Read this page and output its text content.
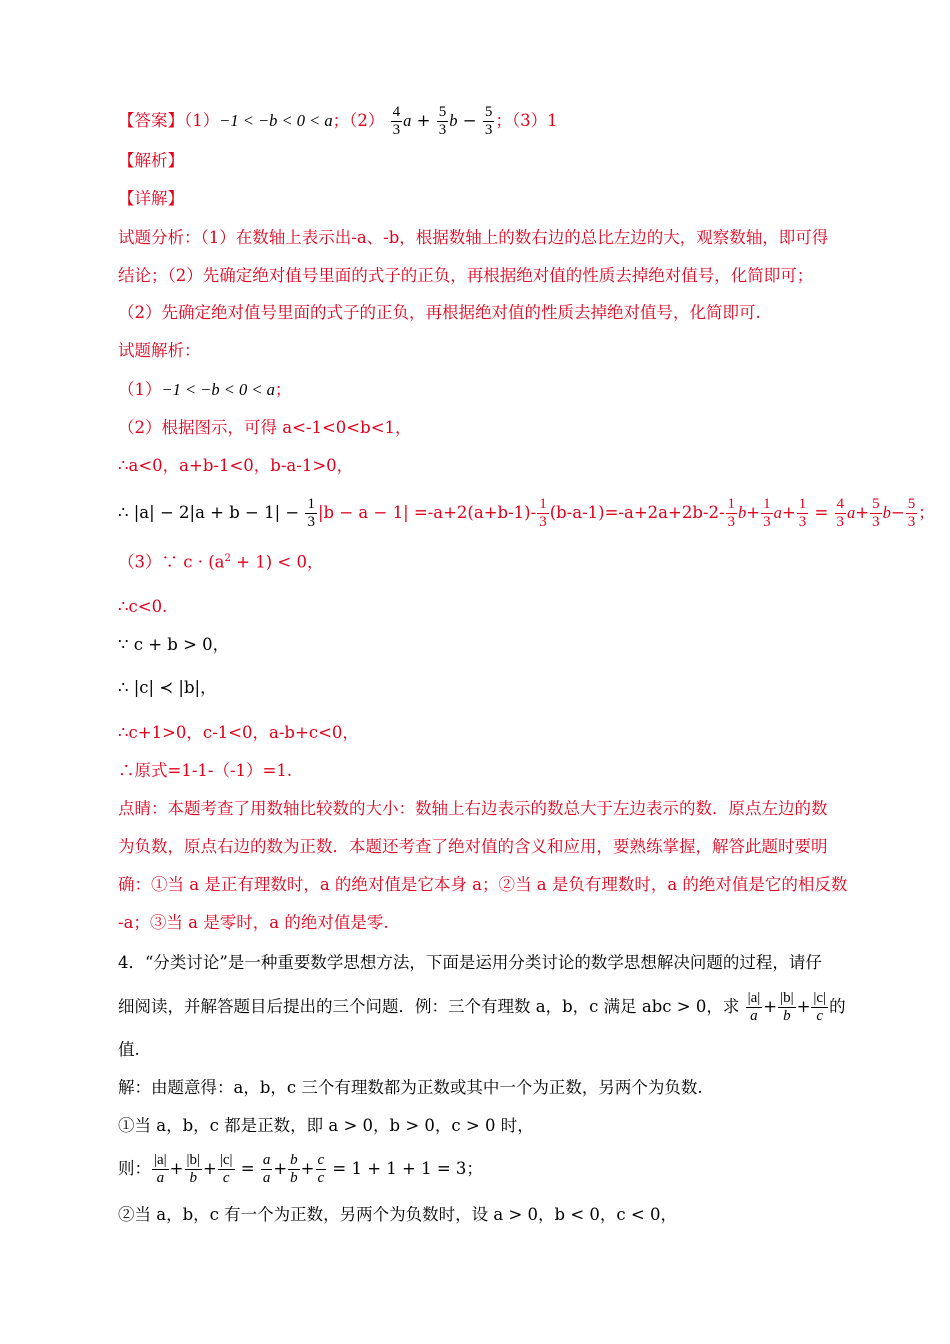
【答案】（1）−1 < −b < 0 < a；$(2) \frac{4}{3}$ $a + \frac{5}{3}$ $b - \frac{5}{3}$ ；（3）1
【解析】
【详解】
试题分析：（1）在数轴上表示出-a、-b，根据数轴上的数右边的总比左边的大，观察数轴，即可得
结论；（2）先确定绝对值号里面的式子的正负，再根据绝对值的性质去掉绝对值号，化简即可；
（2）先确定绝对值号里面的式子的正负，再根据绝对值的性质去掉绝对值号，化简即可.
试题解析：
（1）−1 < −b < 0 < a；
（2）根据图示，可得 a<-1<0<b<1，
∴a<0，a+b-1<0，b-a-1>0，
∴ $|a| - 2|a + b - 1| - \frac{1}{3} |b - a - 1| =-a+2(a+b-1)- \frac{1}{3} (b-a-1)=-a+2a+2b-2- \frac{1}{3} b+ \frac{1}{3} a+ \frac{1}{3} = \frac{4}{3} a+ \frac{5}{3} b- \frac{5}{3}$ ；
（3）∵ $c \cdot (a^2 + 1) < 0$，
∴c<0.
∵ c + b > 0，
∴ |c| ≺ |b|，
∴c+1>0，c-1<0，a-b+c<0，
∴原式=1-1-（-1）=1.
点睛：本题考查了用数轴比较数的大小：数轴上右边表示的数总大于左边表示的数．原点左边的数
为负数，原点右边的数为正数．本题还考查了绝对值的含义和应用，要熟练掌握，解答此题时要明
确：①当 a 是正有理数时，a 的绝对值是它本身 a；②当 a 是负有理数时，a 的绝对值是它的相反数
-a；③当 a 是零时，a 的绝对值是零.
4．“分类讨论”是一种重要数学思想方法，下面是运用分类讨论的数学思想解决问题的过程，请仔
细阅读，并解答题目后提出的三个问题．例：三个有理数 a，b，c 满足 abc > 0，求 $\frac{|a|}{a} + \frac{|b|}{b} + \frac{|c|}{c}$ 的
值.
解：由题意得：a，b，c 三个有理数都为正数或其中一个为正数，另两个为负数.
①当 a，b，c 都是正数，即 a > 0，b > 0，c > 0 时，
则： $\frac{|a|}{a} + \frac{|b|}{b} + \frac{|c|}{c} = \frac{a}{a} + \frac{b}{b} + \frac{c}{c} = 1 + 1 + 1 = 3$；
②当 a，b，c 有一个为正数，另两个为负数时，设 a > 0，b < 0，c < 0，
